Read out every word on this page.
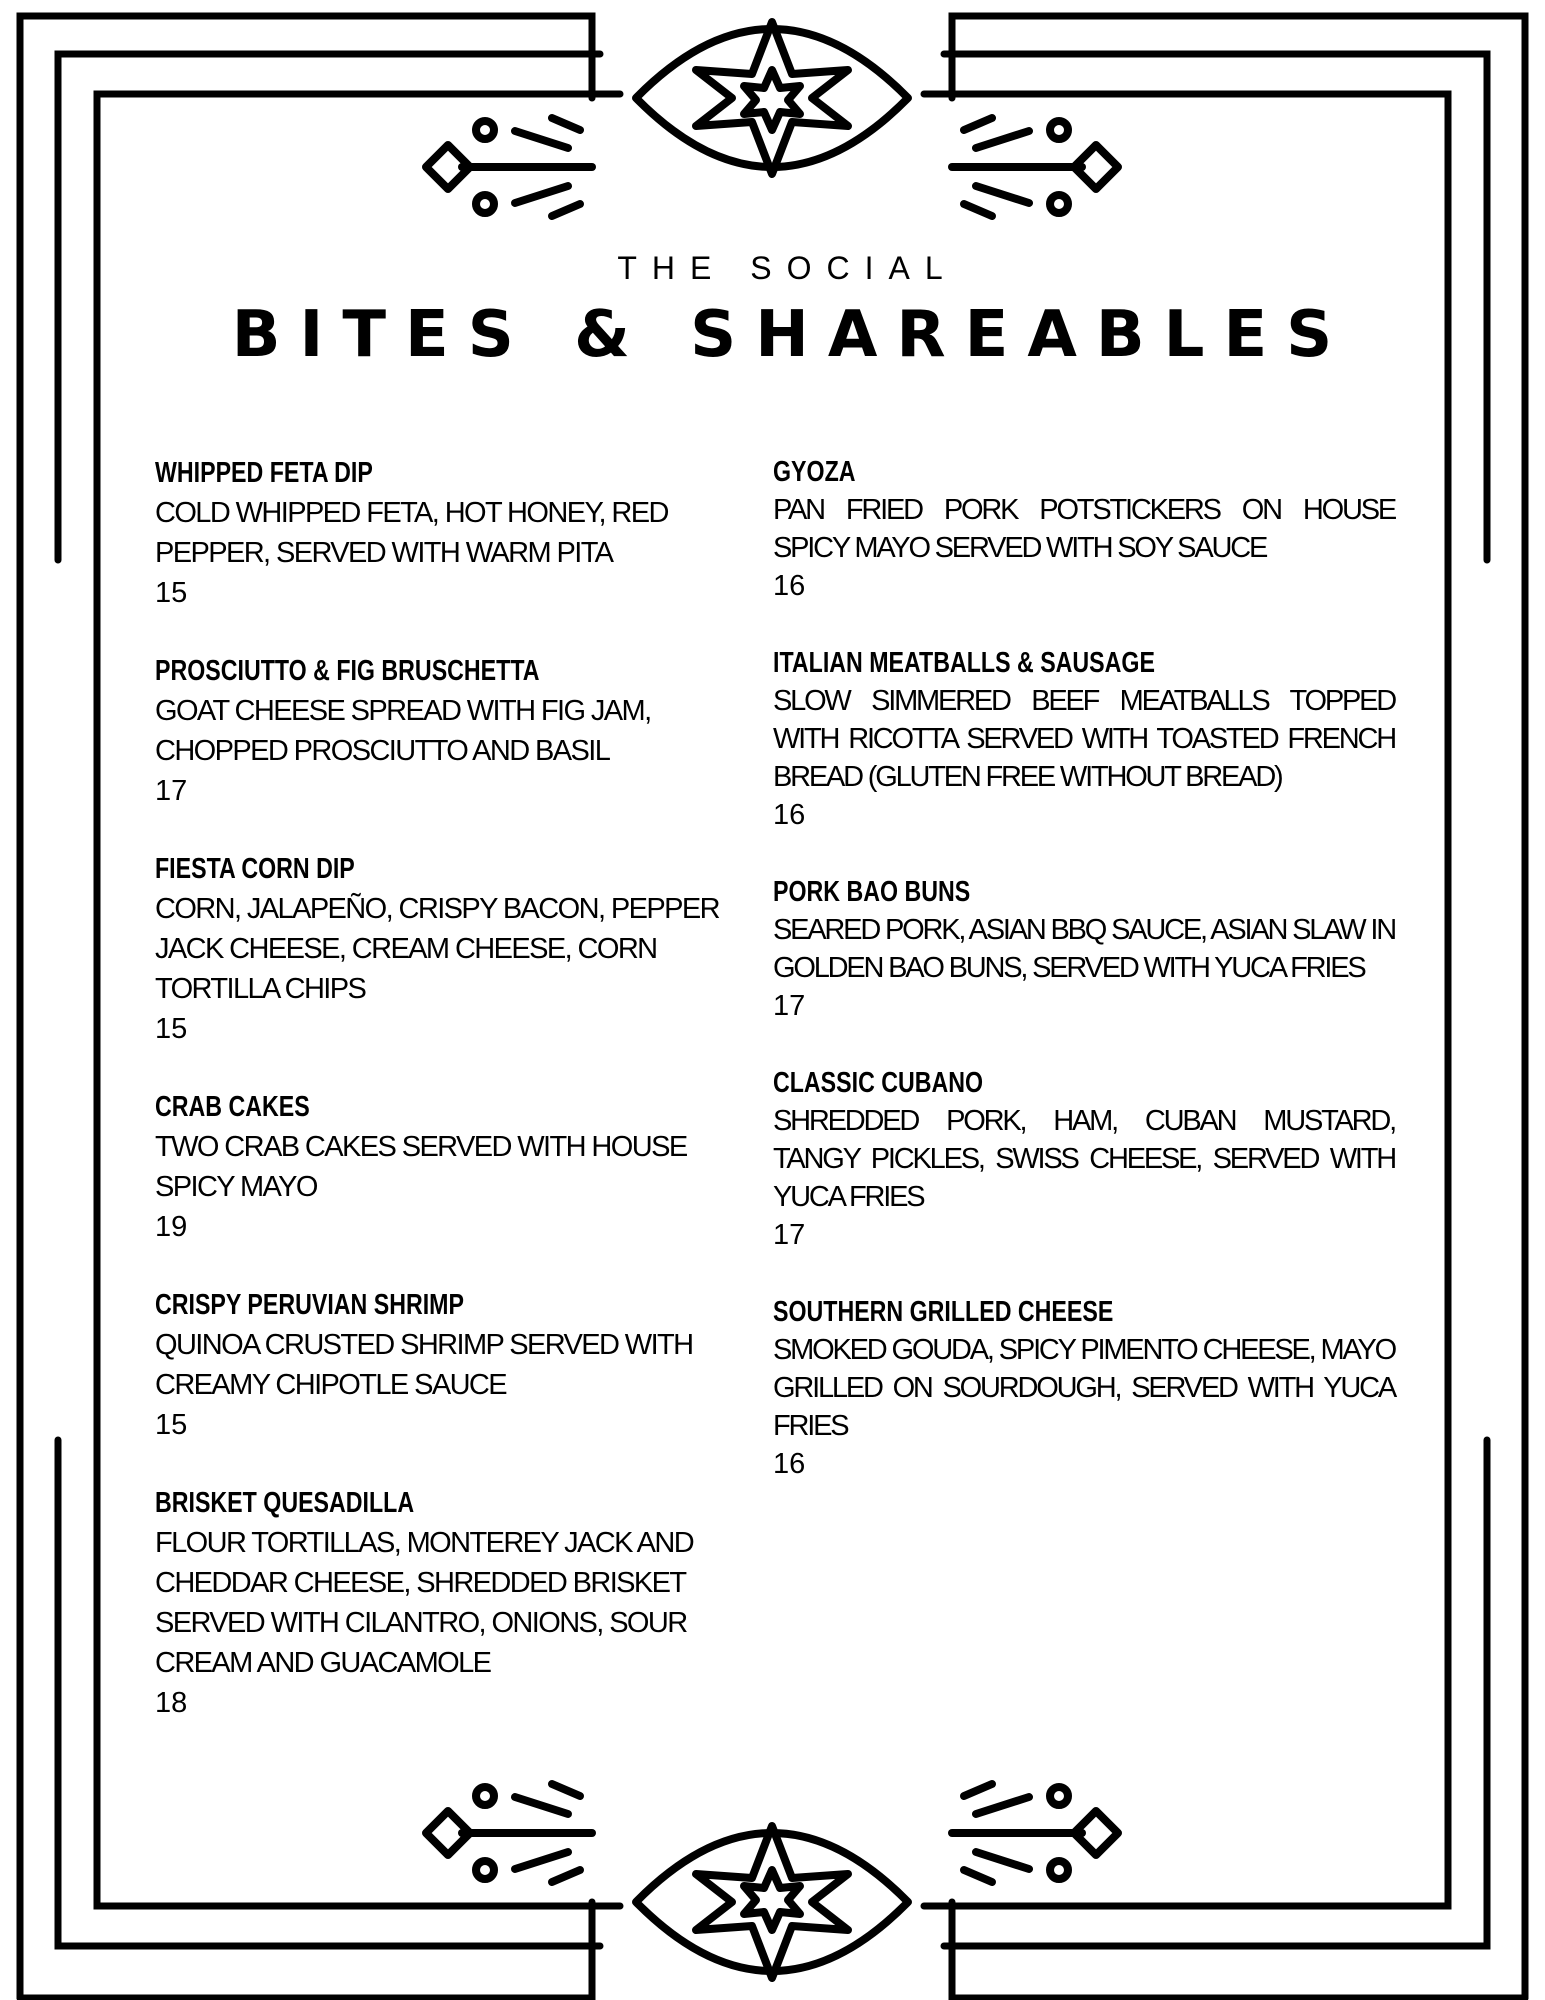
THE SOCIAL
BITES & SHAREABLES
WHIPPED FETA DIP
COLD WHIPPED FETA, HOT HONEY, RED PEPPER, SERVED WITH WARM PITA
15
PROSCIUTTO & FIG BRUSCHETTA
GOAT CHEESE SPREAD WITH FIG JAM, CHOPPED PROSCIUTTO AND BASIL
17
FIESTA CORN DIP
CORN, JALAPEÑO, CRISPY BACON, PEPPER JACK CHEESE, CREAM CHEESE, CORN TORTILLA CHIPS
15
CRAB CAKES
TWO CRAB CAKES SERVED WITH HOUSE SPICY MAYO
19
CRISPY PERUVIAN SHRIMP
QUINOA CRUSTED SHRIMP SERVED WITH CREAMY CHIPOTLE SAUCE
15
BRISKET QUESADILLA
FLOUR TORTILLAS, MONTEREY JACK AND CHEDDAR CHEESE, SHREDDED BRISKET SERVED WITH CILANTRO, ONIONS, SOUR CREAM AND GUACAMOLE
18
GYOZA
PAN FRIED PORK POTSTICKERS ON HOUSE SPICY MAYO SERVED WITH SOY SAUCE
16
ITALIAN MEATBALLS & SAUSAGE
SLOW SIMMERED BEEF MEATBALLS TOPPED WITH RICOTTA SERVED WITH TOASTED FRENCH BREAD (GLUTEN FREE WITHOUT BREAD)
16
PORK BAO BUNS
SEARED PORK, ASIAN BBQ SAUCE, ASIAN SLAW IN GOLDEN BAO BUNS, SERVED WITH YUCA FRIES
17
CLASSIC CUBANO
SHREDDED PORK, HAM, CUBAN MUSTARD, TANGY PICKLES, SWISS CHEESE, SERVED WITH YUCA FRIES
17
SOUTHERN GRILLED CHEESE
SMOKED GOUDA, SPICY PIMENTO CHEESE, MAYO GRILLED ON SOURDOUGH, SERVED WITH YUCA FRIES
16
